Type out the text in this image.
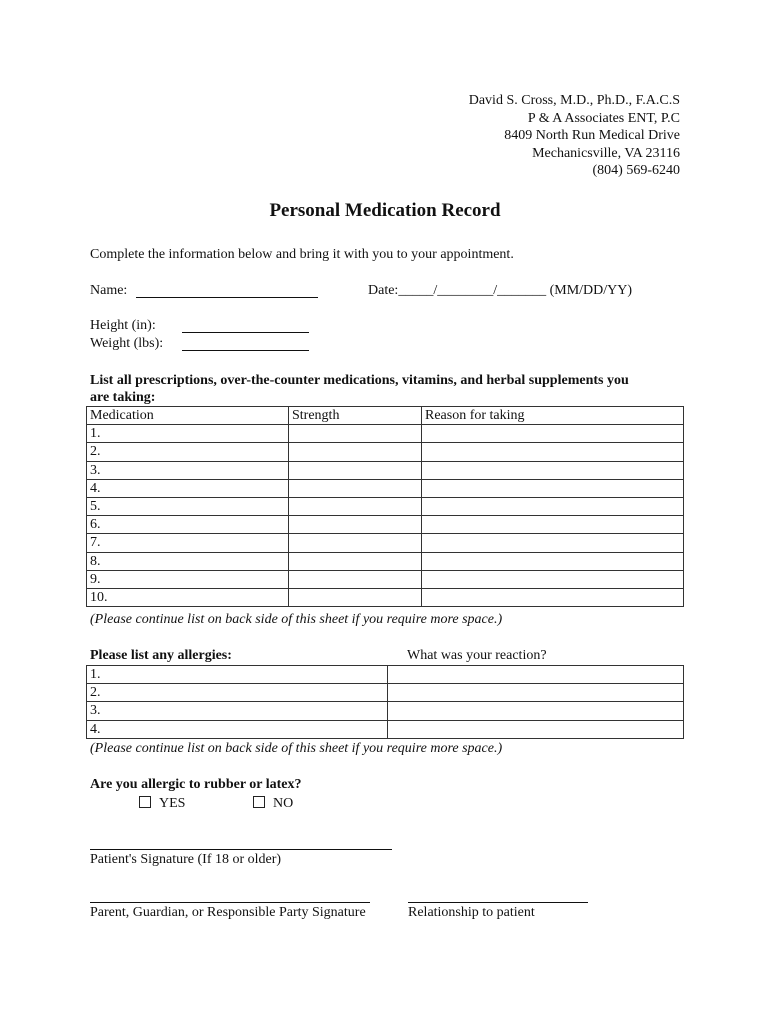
David S. Cross, M.D., Ph.D., F.A.C.S
P & A Associates ENT, P.C
8409 North Run Medical Drive
Mechanicsville, VA 23116
(804) 569-6240
Personal Medication Record
Complete the information below and bring it with you to your appointment.
Name:	Date:_____/________/_______ (MM/DD/YY)
Height (in):
Weight (lbs):
List all prescriptions, over-the-counter medications, vitamins, and herbal supplements you
are taking:
Medication	Strength	Reason for taking
1.		
2.		
3.		
4.		
5.		
6.		
7.		
8.		
9.		
10.		
(Please continue list on back side of this sheet if you require more space.)
Please list any allergies:	What was your reaction?
1.	
2.	
3.	
4.	
(Please continue list on back side of this sheet if you require more space.)
Are you allergic to rubber or latex?
YES	NO
Patient's Signature (If 18 or older)
Parent, Guardian, or Responsible Party Signature	Relationship to patient
